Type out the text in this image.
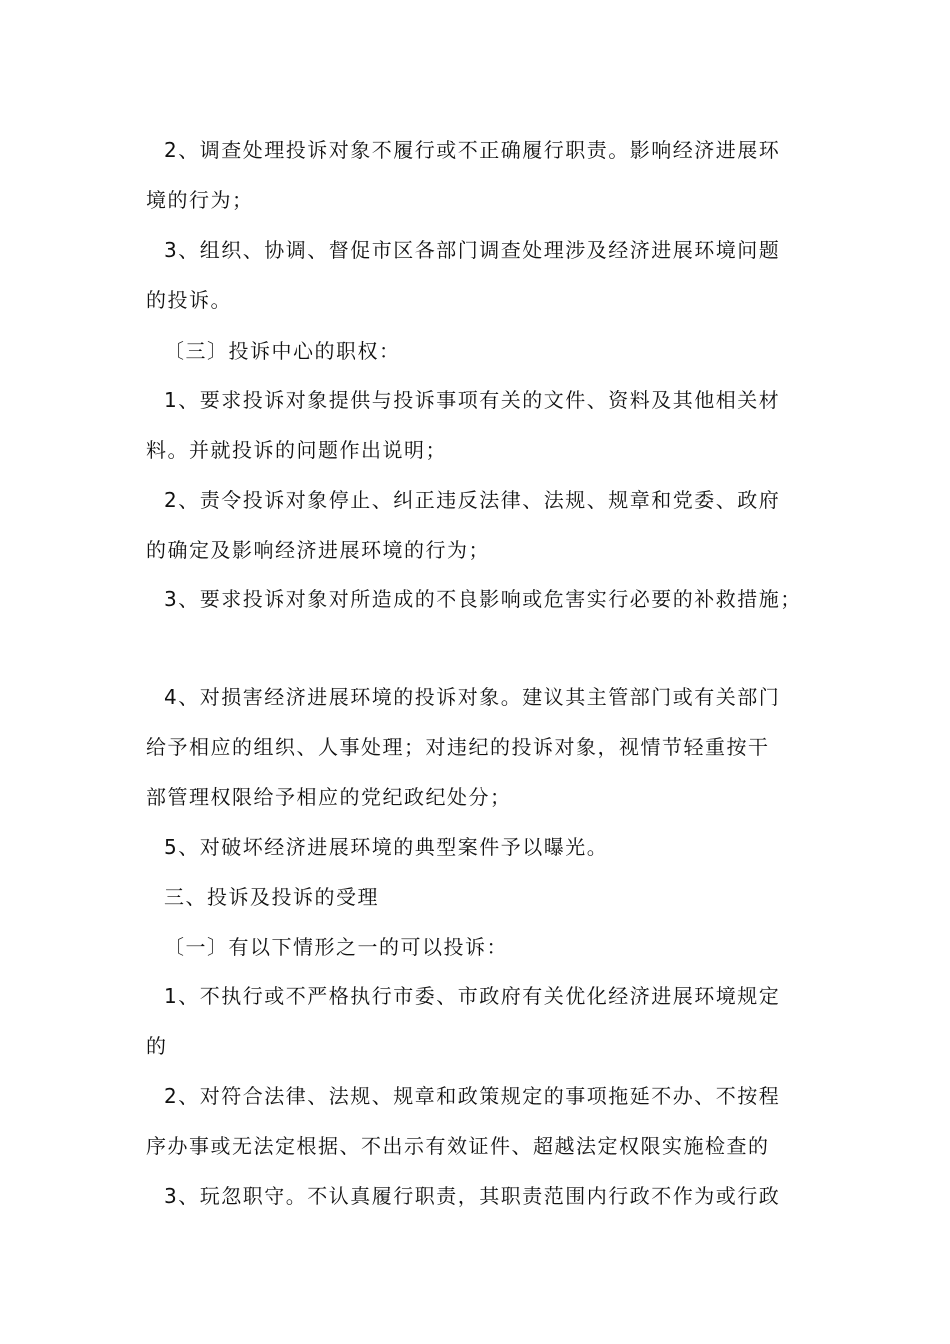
2、调查处理投诉对象不履行或不正确履行职责。影响经济进展环
境的行为；
3、组织、协调、督促市区各部门调查处理涉及经济进展环境问题
的投诉。
〔三〕投诉中心的职权：
1、要求投诉对象提供与投诉事项有关的文件、资料及其他相关材
料。并就投诉的问题作出说明；
2、责令投诉对象停止、纠正违反法律、法规、规章和党委、政府
的确定及影响经济进展环境的行为；
3、要求投诉对象对所造成的不良影响或危害实行必要的补救措施；
4、对损害经济进展环境的投诉对象。建议其主管部门或有关部门
给予相应的组织、人事处理；对违纪的投诉对象，视情节轻重按干
部管理权限给予相应的党纪政纪处分；
5、对破坏经济进展环境的典型案件予以曝光。
三、投诉及投诉的受理
〔一〕有以下情形之一的可以投诉：
1、不执行或不严格执行市委、市政府有关优化经济进展环境规定
的
2、对符合法律、法规、规章和政策规定的事项拖延不办、不按程
序办事或无法定根据、不出示有效证件、超越法定权限实施检查的
3、玩忽职守。不认真履行职责，其职责范围内行政不作为或行政
